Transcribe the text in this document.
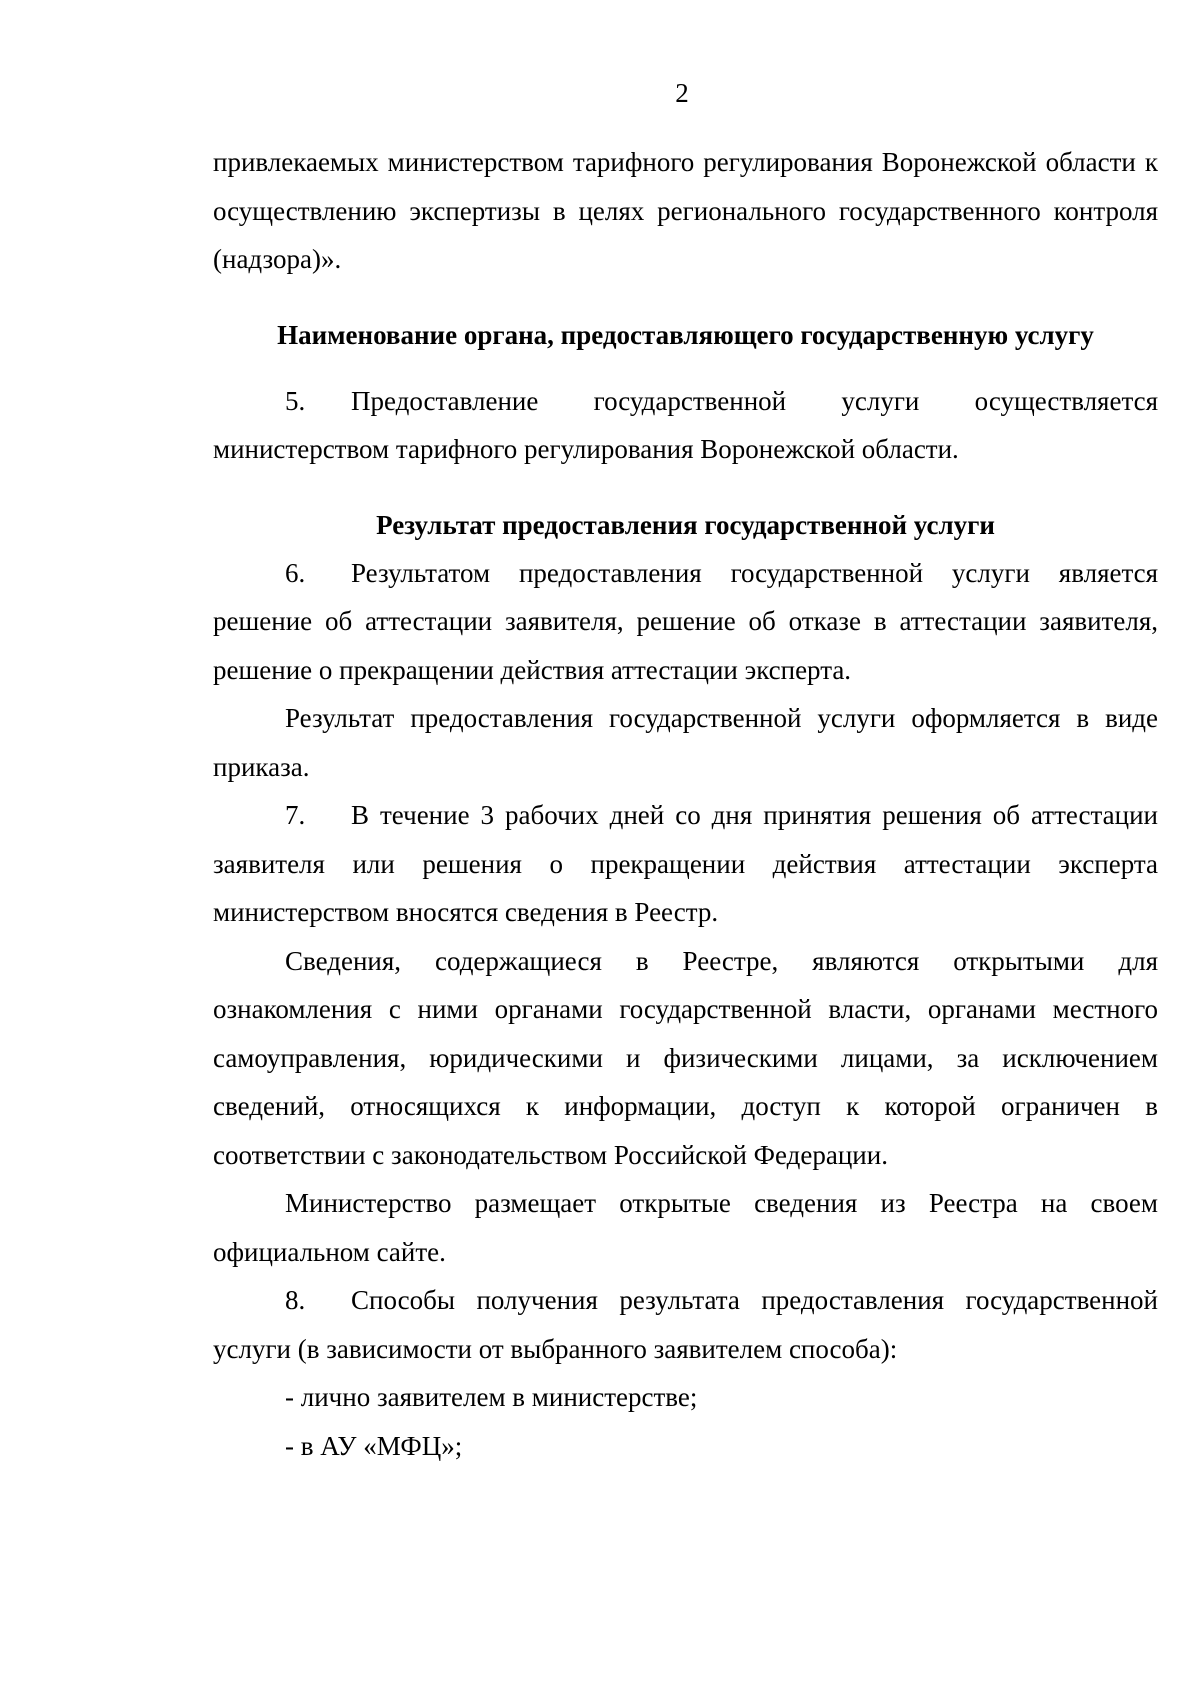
2

привлекаемых министерством тарифного регулирования Воронежской области к осуществлению экспертизы в целях регионального государственного контроля (надзора)».

Наименование органа, предоставляющего государственную услугу

5. Предоставление государственной услуги осуществляется министерством тарифного регулирования Воронежской области.

Результат предоставления государственной услуги

6. Результатом предоставления государственной услуги является решение об аттестации заявителя, решение об отказе в аттестации заявителя, решение о прекращении действия аттестации эксперта.

Результат предоставления государственной услуги оформляется в виде приказа.

7. В течение 3 рабочих дней со дня принятия решения об аттестации заявителя или решения о прекращении действия аттестации эксперта министерством вносятся сведения в Реестр.

Сведения, содержащиеся в Реестре, являются открытыми для ознакомления с ними органами государственной власти, органами местного самоуправления, юридическими и физическими лицами, за исключением сведений, относящихся к информации, доступ к которой ограничен в соответствии с законодательством Российской Федерации.

Министерство размещает открытые сведения из Реестра на своем официальном сайте.

8. Способы получения результата предоставления государственной услуги (в зависимости от выбранного заявителем способа):

- лично заявителем в министерстве;

- в АУ «МФЦ»;
